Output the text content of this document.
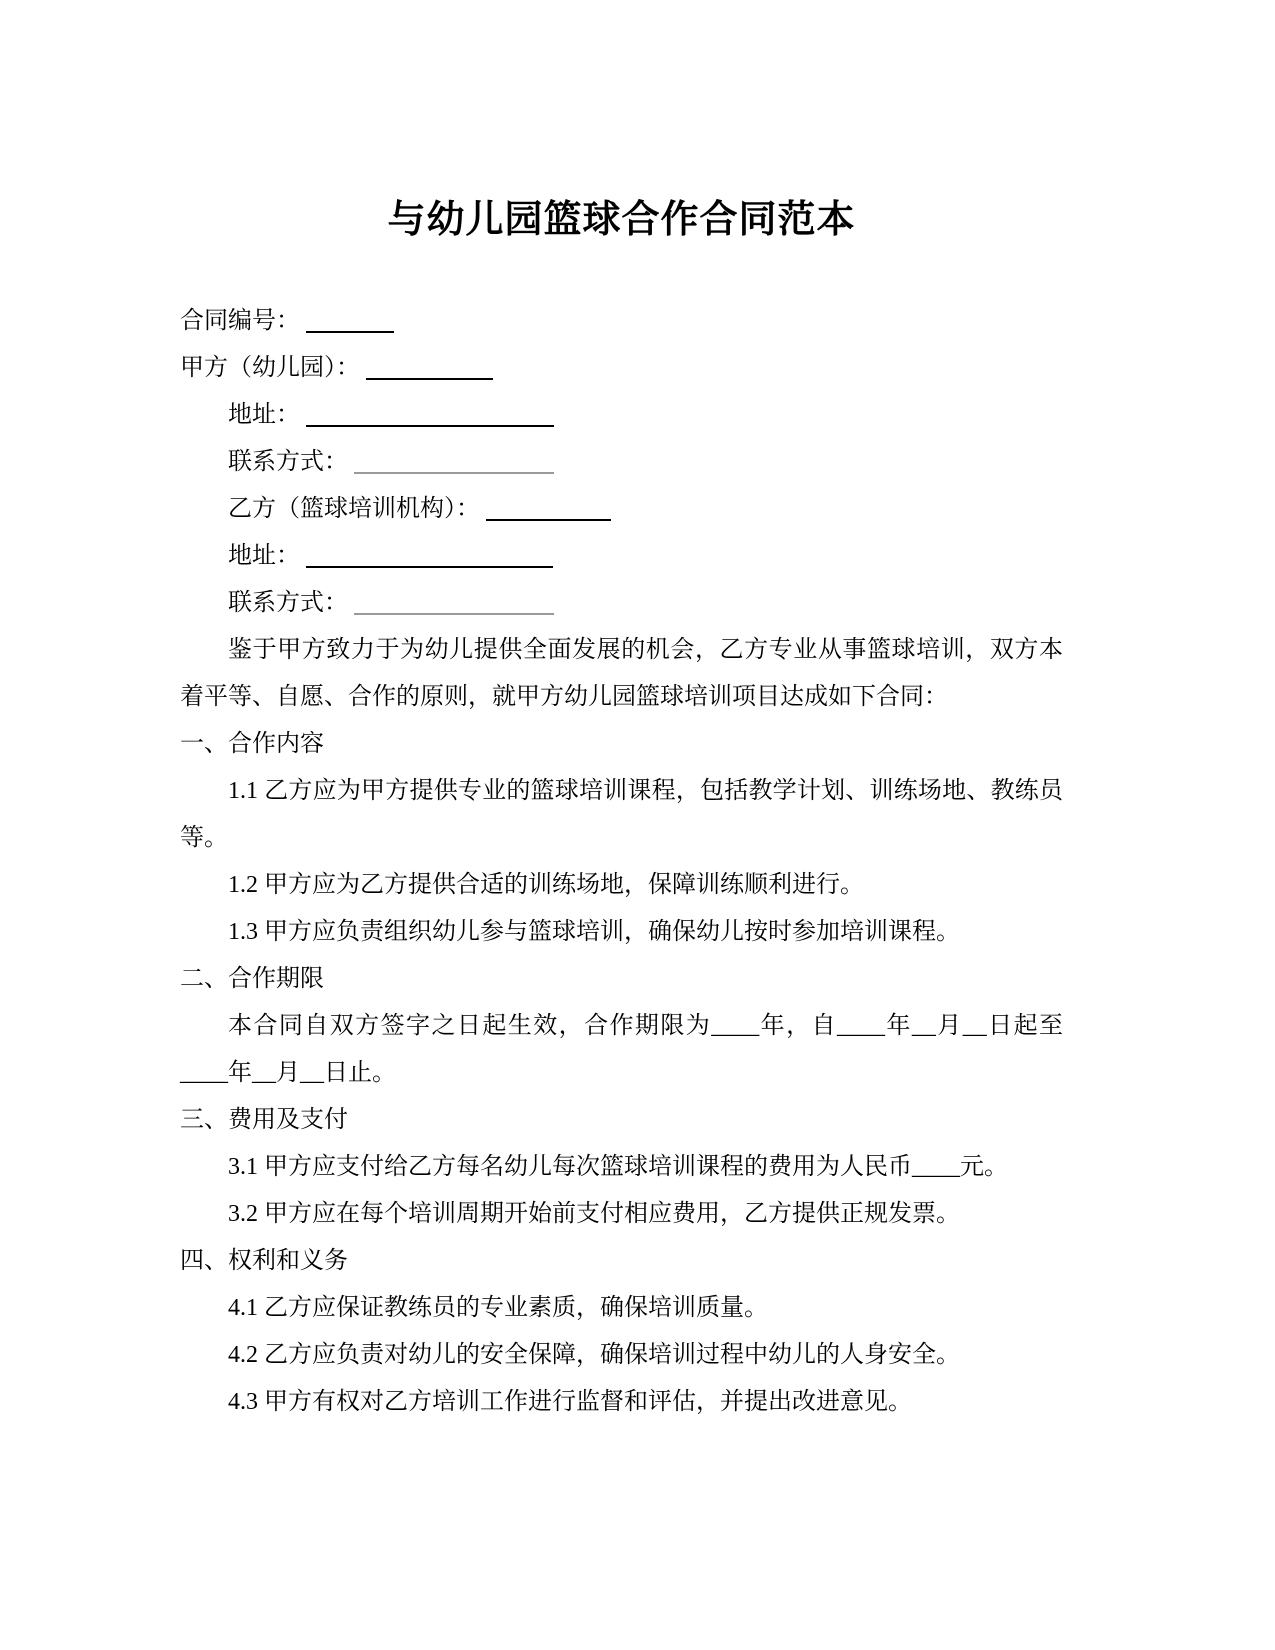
与幼儿园篮球合作合同范本
合同编号：
甲方（幼儿园）：
地址：
联系方式：
乙方（篮球培训机构）：
地址：
联系方式：

鉴于甲方致力于为幼儿提供全面发展的机会，乙方专业从事篮球培训，双方本着平等、自愿、合作的原则，就甲方幼儿园篮球培训项目达成如下合同：

一、合作内容

1.1 乙方应为甲方提供专业的篮球培训课程，包括教学计划、训练场地、教练员等。

1.2 甲方应为乙方提供合适的训练场地，保障训练顺利进行。

1.3 甲方应负责组织幼儿参与篮球培训，确保幼儿按时参加培训课程。

二、合作期限

本合同自双方签字之日起生效，合作期限为____年，自____年__月__日起至____年__月__日止。

三、费用及支付

3.1 甲方应支付给乙方每名幼儿每次篮球培训课程的费用为人民币____元。

3.2 甲方应在每个培训周期开始前支付相应费用，乙方提供正规发票。

四、权利和义务

4.1 乙方应保证教练员的专业素质，确保培训质量。

4.2 乙方应负责对幼儿的安全保障，确保培训过程中幼儿的人身安全。

4.3 甲方有权对乙方培训工作进行监督和评估，并提出改进意见。
